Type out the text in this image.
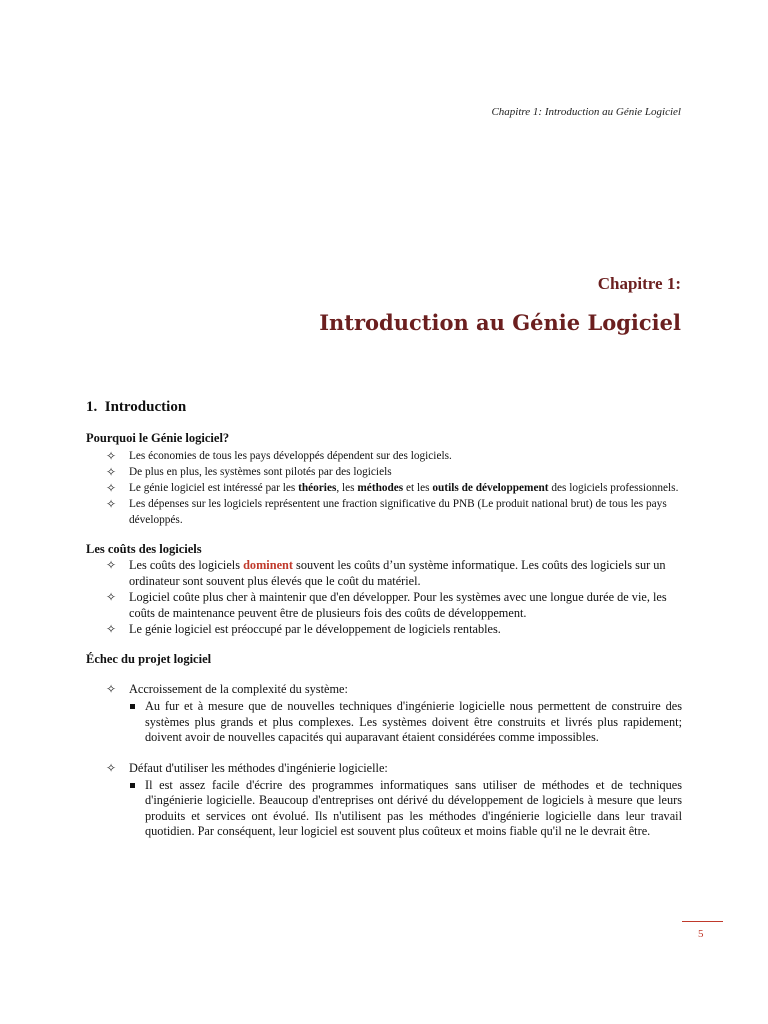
Chapitre 1: Introduction au Génie Logiciel
Chapitre 1:
Introduction au Génie Logiciel
1. Introduction
Pourquoi le Génie logiciel?
✧ Les économies de tous les pays développés dépendent sur des logiciels.
✧ De plus en plus, les systèmes sont pilotés par des logiciels
✧ Le génie logiciel est intéressé par les théories, les méthodes et les outils de développement des logiciels professionnels.
✧ Les dépenses sur les logiciels représentent une fraction significative du PNB (Le produit national brut) de tous les pays développés.
Les coûts des logiciels
✧ Les coûts des logiciels dominent souvent les coûts d’un système informatique. Les coûts des logiciels sur un ordinateur sont souvent plus élevés que le coût du matériel.
✧ Logiciel coûte plus cher à maintenir que d'en développer. Pour les systèmes avec une longue durée de vie, les coûts de maintenance peuvent être de plusieurs fois des coûts de développement.
✧ Le génie logiciel est préoccupé par le développement de logiciels rentables.
Échec du projet logiciel
✧ Accroissement de la complexité du système:
Au fur et à mesure que de nouvelles techniques d'ingénierie logicielle nous permettent de construire des systèmes plus grands et plus complexes. Les systèmes doivent être construits et livrés plus rapidement; doivent avoir de nouvelles capacités qui auparavant étaient considérées comme impossibles.
✧ Défaut d'utiliser les méthodes d'ingénierie logicielle:
Il est assez facile d'écrire des programmes informatiques sans utiliser de méthodes et de techniques d'ingénierie logicielle. Beaucoup d'entreprises ont dérivé du développement de logiciels à mesure que leurs produits et services ont évolué. Ils n'utilisent pas les méthodes d'ingénierie logicielle dans leur travail quotidien. Par conséquent, leur logiciel est souvent plus coûteux et moins fiable qu'il ne le devrait être.
5
